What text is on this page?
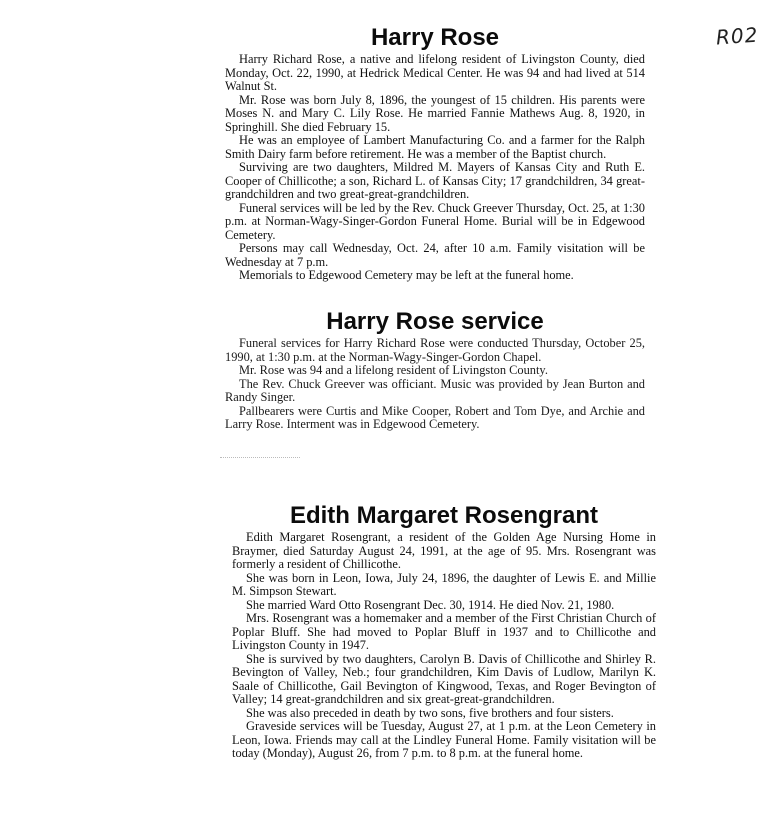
R02
Harry Rose

Harry Richard Rose, a native and lifelong resident of Livingston County, died Monday, Oct. 22, 1990, at Hedrick Medical Center. He was 94 and had lived at 514 Walnut St.

Mr. Rose was born July 8, 1896, the youngest of 15 children. His parents were Moses N. and Mary C. Lily Rose. He married Fannie Mathews Aug. 8, 1920, in Springhill. She died February 15.

He was an employee of Lambert Manufacturing Co. and a farmer for the Ralph Smith Dairy farm before retirement. He was a member of the Baptist church.

Surviving are two daughters, Mildred M. Mayers of Kansas City and Ruth E. Cooper of Chillicothe; a son, Richard L. of Kansas City; 17 grandchildren, 34 great-grandchildren and two great-great-grandchildren.

Funeral services will be led by the Rev. Chuck Greever Thursday, Oct. 25, at 1:30 p.m. at Norman-Wagy-Singer-Gordon Funeral Home. Burial will be in Edgewood Cemetery.

Persons may call Wednesday, Oct. 24, after 10 a.m. Family visitation will be Wednesday at 7 p.m.

Memorials to Edgewood Cemetery may be left at the funeral home.

Harry Rose service

Funeral services for Harry Richard Rose were conducted Thursday, October 25, 1990, at 1:30 p.m. at the Norman-Wagy-Singer-Gordon Chapel.

Mr. Rose was 94 and a lifelong resident of Livingston County.

The Rev. Chuck Greever was officiant. Music was provided by Jean Burton and Randy Singer.

Pallbearers were Curtis and Mike Cooper, Robert and Tom Dye, and Archie and Larry Rose. Interment was in Edgewood Cemetery.

Edith Margaret Rosengrant

Edith Margaret Rosengrant, a resident of the Golden Age Nursing Home in Braymer, died Saturday August 24, 1991, at the age of 95. Mrs. Rosengrant was formerly a resident of Chillicothe.

She was born in Leon, Iowa, July 24, 1896, the daughter of Lewis E. and Millie M. Simpson Stewart.

She married Ward Otto Rosengrant Dec. 30, 1914. He died Nov. 21, 1980.

Mrs. Rosengrant was a homemaker and a member of the First Christian Church of Poplar Bluff. She had moved to Poplar Bluff in 1937 and to Chillicothe and Livingston County in 1947.

She is survived by two daughters, Carolyn B. Davis of Chillicothe and Shirley R. Bevington of Valley, Neb.; four grandchildren, Kim Davis of Ludlow, Marilyn K. Saale of Chillicothe, Gail Bevington of Kingwood, Texas, and Roger Bevington of Valley; 14 great-grandchildren and six great-great-grandchildren.

She was also preceded in death by two sons, five brothers and four sisters.

Graveside services will be Tuesday, August 27, at 1 p.m. at the Leon Cemetery in Leon, Iowa. Friends may call at the Lindley Funeral Home. Family visitation will be today (Monday), August 26, from 7 p.m. to 8 p.m. at the funeral home.
